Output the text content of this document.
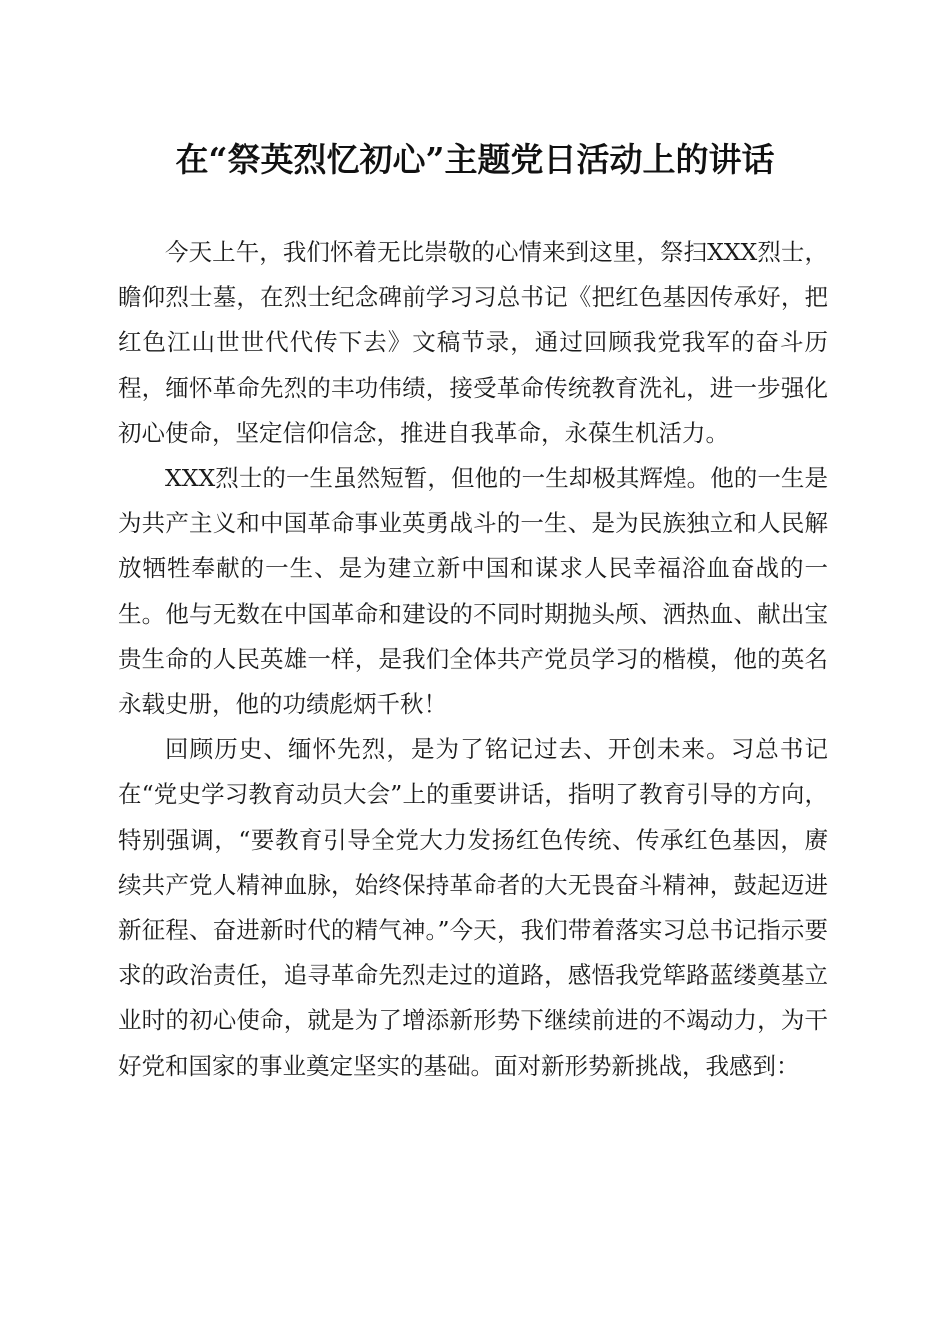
在“祭英烈忆初心”主题党日活动上的讲话

今天上午，我们怀着无比崇敬的心情来到这里，祭扫XXX烈士，瞻仰烈士墓，在烈士纪念碑前学习习总书记《把红色基因传承好，把红色江山世世代代传下去》文稿节录，通过回顾我党我军的奋斗历程，缅怀革命先烈的丰功伟绩，接受革命传统教育洗礼，进一步强化初心使命，坚定信仰信念，推进自我革命，永葆生机活力。

XXX烈士的一生虽然短暂，但他的一生却极其辉煌。他的一生是为共产主义和中国革命事业英勇战斗的一生、是为民族独立和人民解放牺牲奉献的一生、是为建立新中国和谋求人民幸福浴血奋战的一生。他与无数在中国革命和建设的不同时期抛头颅、洒热血、献出宝贵生命的人民英雄一样，是我们全体共产党员学习的楷模，他的英名永载史册，他的功绩彪炳千秋！

回顾历史、缅怀先烈，是为了铭记过去、开创未来。习总书记在“党史学习教育动员大会”上的重要讲话，指明了教育引导的方向，特别强调，“要教育引导全党大力发扬红色传统、传承红色基因，赓续共产党人精神血脉，始终保持革命者的大无畏奋斗精神，鼓起迈进新征程、奋进新时代的精气神。”今天，我们带着落实习总书记指示要求的政治责任，追寻革命先烈走过的道路，感悟我党筚路蓝缕奠基立业时的初心使命，就是为了增添新形势下继续前进的不竭动力，为干好党和国家的事业奠定坚实的基础。面对新形势新挑战，我感到：
